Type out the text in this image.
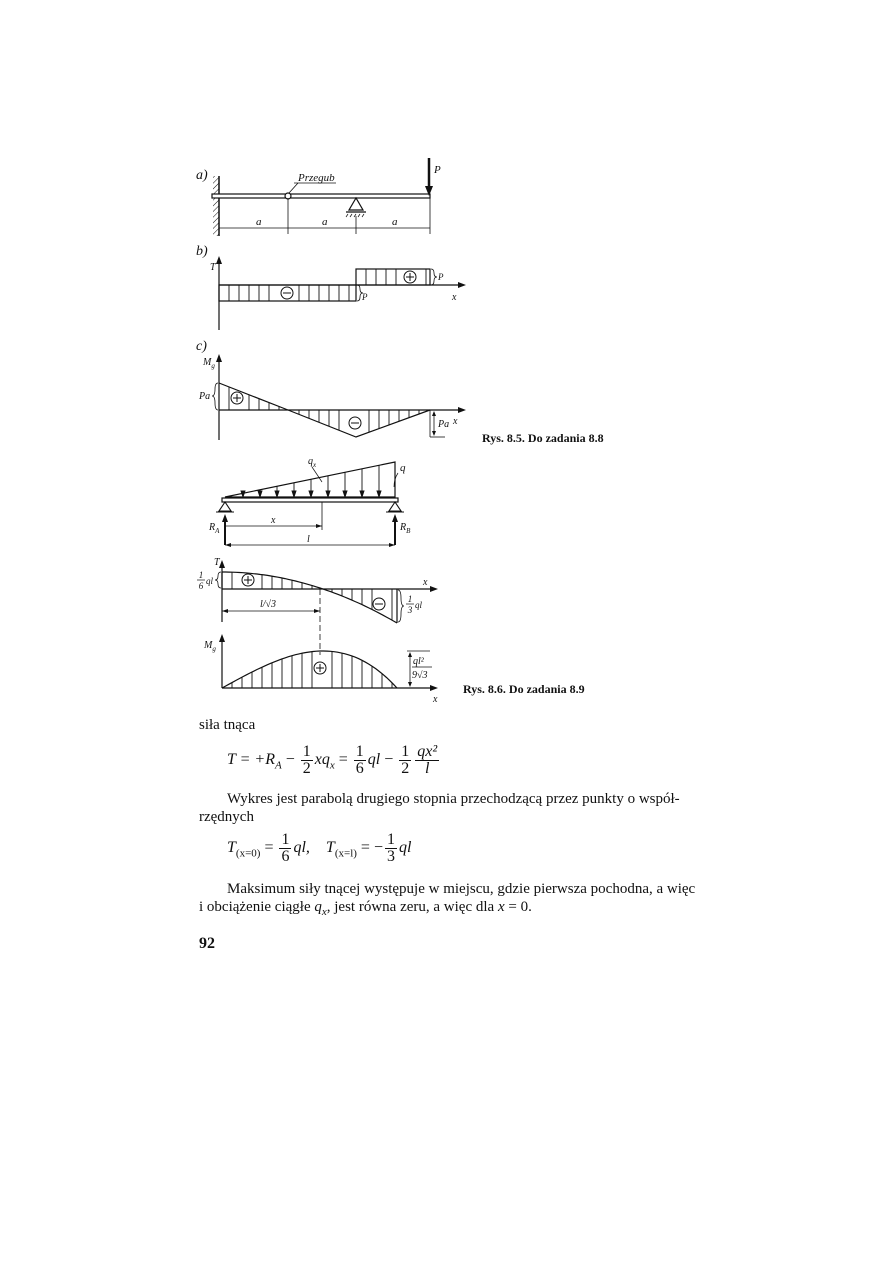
a)	Przegub
P
a	a	a
b)
T
x
P
P
c)
$M_g$
x
Pa
Pa
Rys. 8.5. Do zadania 8.8
$q_x$	q
$R_A$	$R_B$
x
l
T
x
1
6 ql
1
3 ql
l/√3
$M_g$
x
ql²
9√3
Rys. 8.6. Do zadania 8.9
siła tnąca
$T = +R_A - \frac{1}{2} xq_x = \frac{1}{6}$ ql − $\frac{1}{2} \frac{\text{qx²}}{l}$
Wykres jest parabolą drugiego stopnia przechodzącą przez punkty o współ-
rzędnych
$T_{(x=0)} = \frac{1}{6}$ ql, $T_{(x=l)}$ = − $\frac{1}{3}$ ql
Maksimum siły tnącej występuje w miejscu, gdzie pierwsza pochodna, a więc
i obciążenie ciągłe $q_x$, jest równa zeru, a więc dla x = 0.
92
